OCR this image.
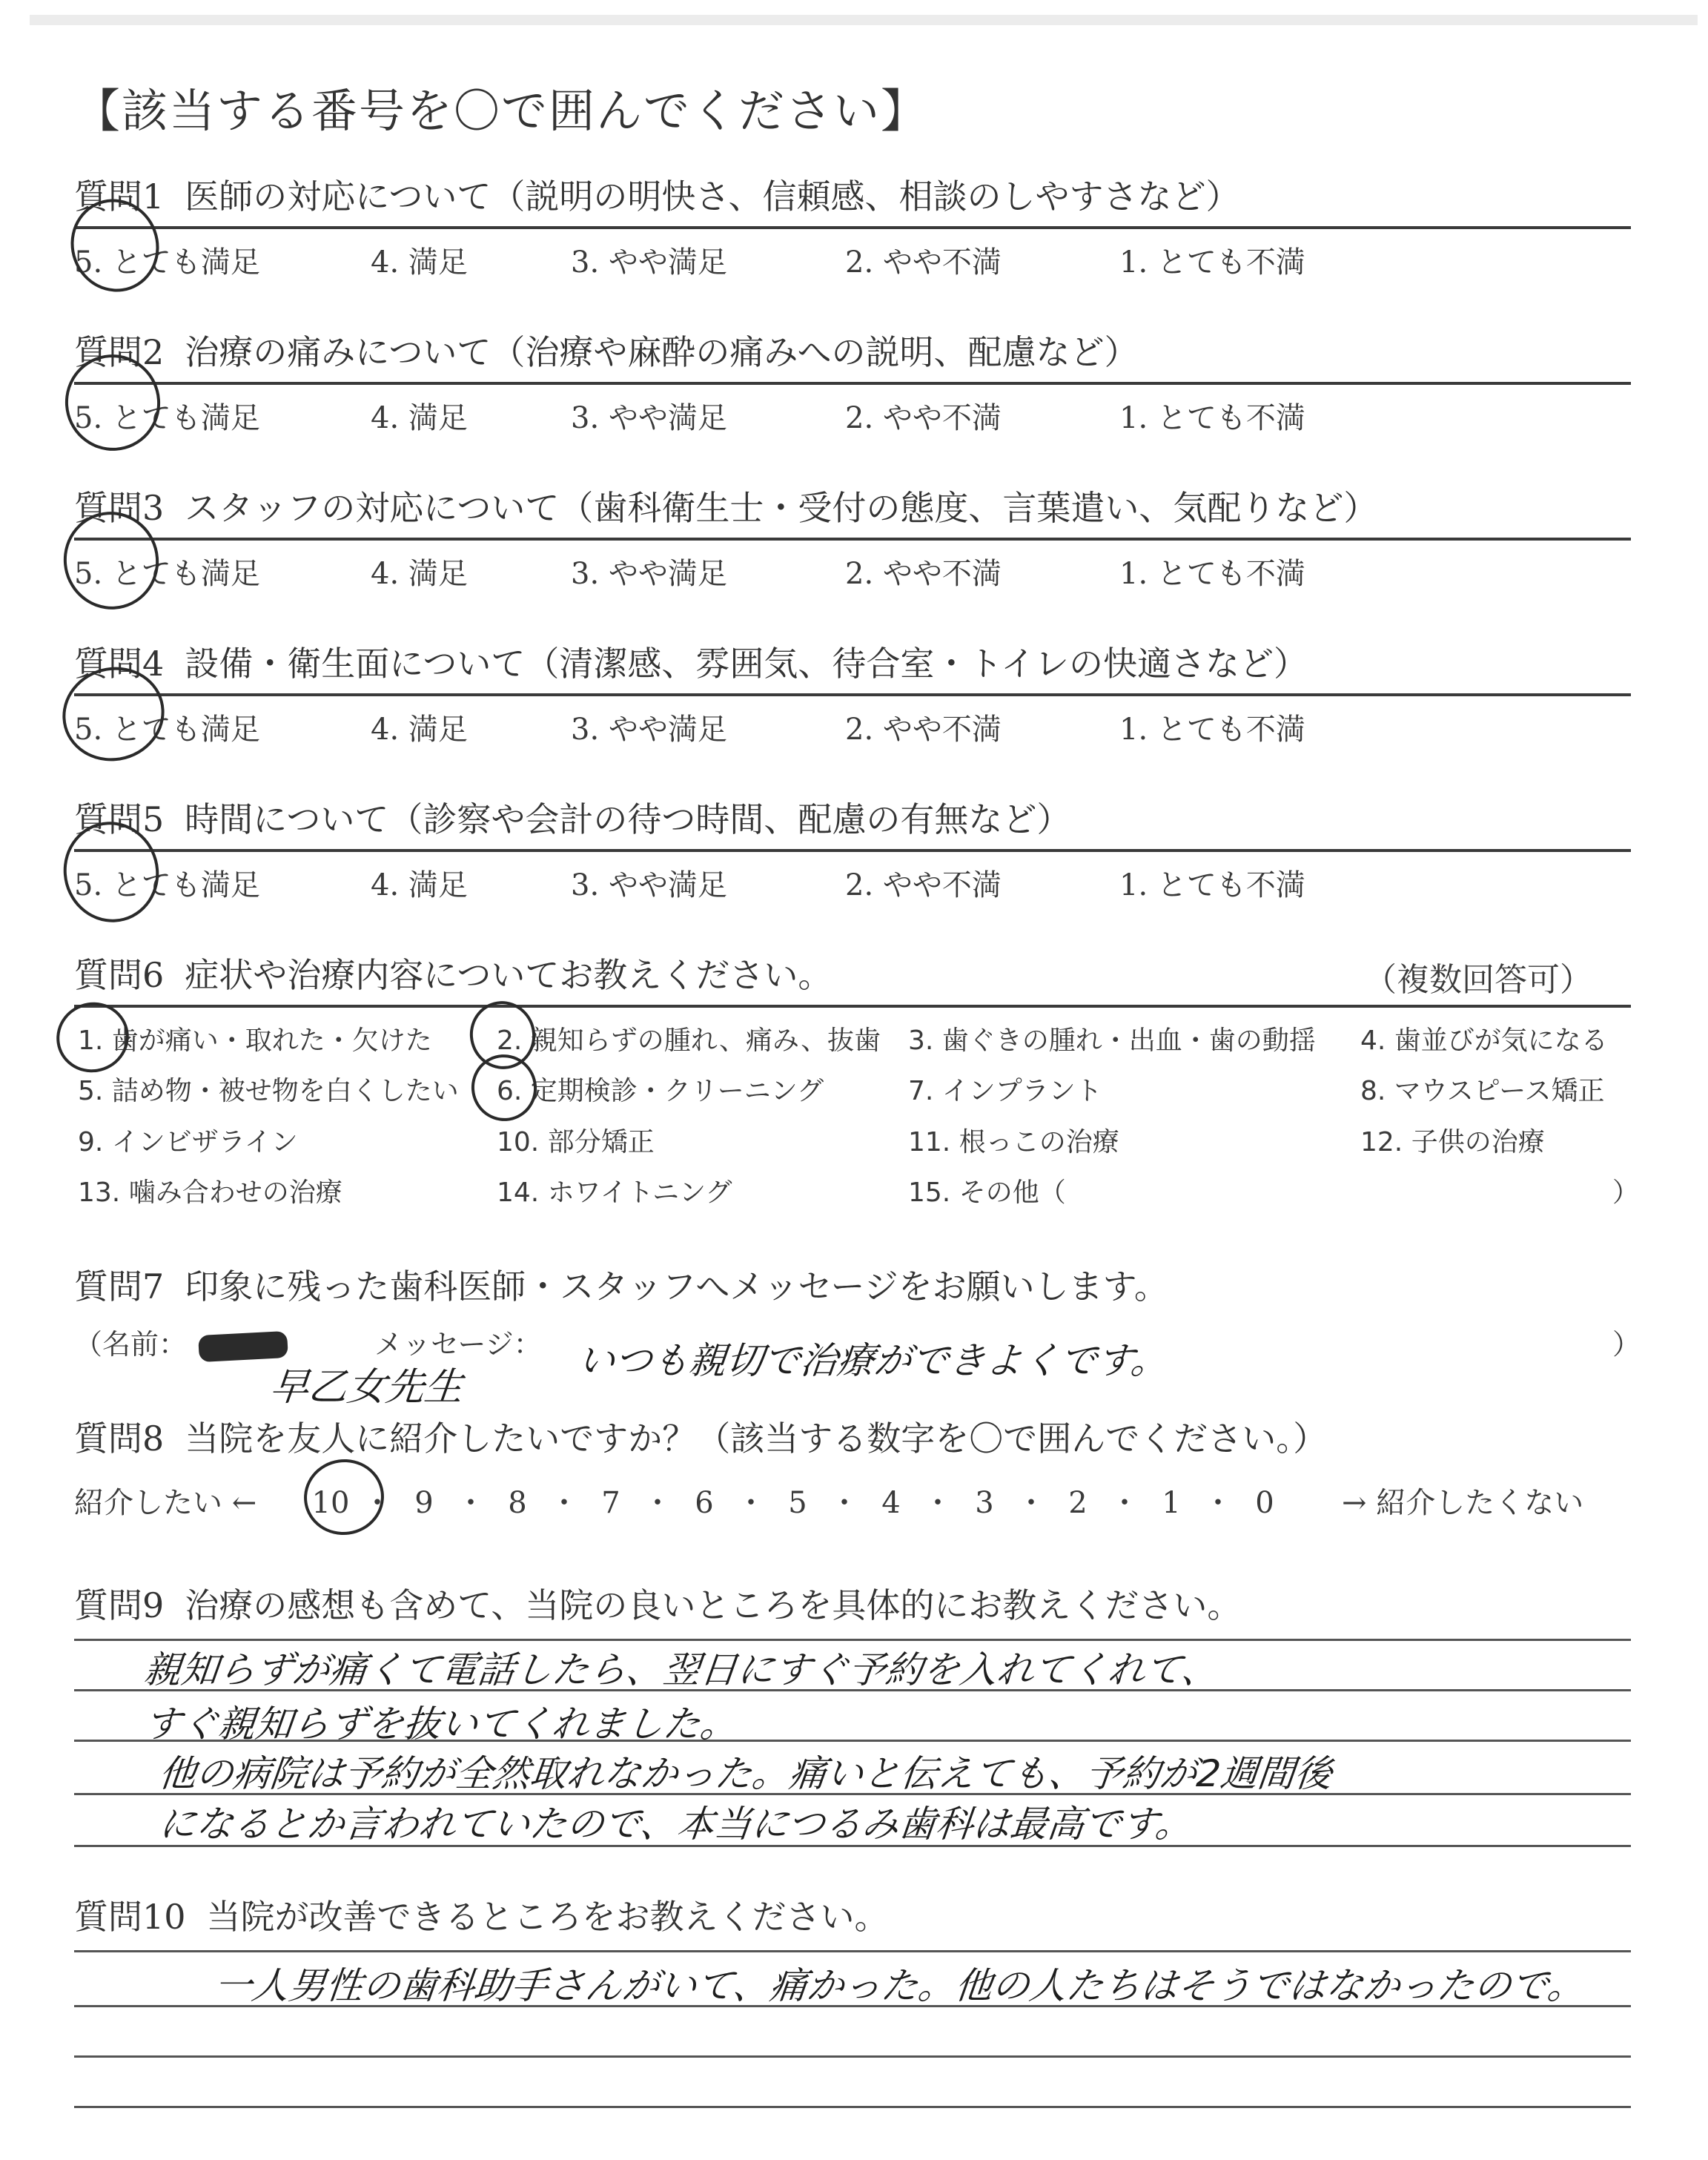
【該当する番号を〇で囲んでください】
質問1 医師の対応について（説明の明快さ、信頼感、相談のしやすさなど）
5. とても満足	4. 満足	3. やや満足	2. やや不満	1. とても不満
質問2 治療の痛みについて（治療や麻酔の痛みへの説明、配慮など）
5. とても満足	4. 満足	3. やや満足	2. やや不満	1. とても不満
質問3 スタッフの対応について（歯科衛生士・受付の態度、言葉遣い、気配りなど）
5. とても満足	4. 満足	3. やや満足	2. やや不満	1. とても不満
質問4 設備・衛生面について（清潔感、雰囲気、待合室・トイレの快適さなど）
5. とても満足	4. 満足	3. やや満足	2. やや不満	1. とても不満
質問5 時間について（診察や会計の待つ時間、配慮の有無など）
5. とても満足	4. 満足	3. やや満足	2. やや不満	1. とても不満
質問6 症状や治療内容についてお教えください。	（複数回答可）
1. 歯が痛い・取れた・欠けた 2. 親知らずの腫れ、痛み、抜歯 3. 歯ぐきの腫れ・出血・歯の動揺 4. 歯並びが気になる
5. 詰め物・被せ物を白くしたい 6. 定期検診・クリーニング	7. インプラント	8. マウスピース矯正
9. インビザライン	10. 部分矯正	11. 根っこの治療	12. 子供の治療
13. 噛み合わせの治療	14. ホワイトニング	15. その他（	）
質問7 印象に残った歯科医師・スタッフへメッセージをお願いします。
（名前：	メッセージ：	）
早乙女先生
いつも親切で治療ができよくです。
質問8 当院を友人に紹介したいですか？（該当する数字を〇で囲んでください。）
紹介したい ←	→ 紹介したくない
10 ・ 9 ・ 8 ・ 7 ・ 6 ・ 5 ・ 4 ・ 3 ・ 2 ・ 1 ・ 0
質問9 治療の感想も含めて、当院の良いところを具体的にお教えください。
親知らずが痛くて電話したら、翌日にすぐ予約を入れてくれて、
すぐ親知らずを抜いてくれました。
他の病院は予約が全然取れなかった。痛いと伝えても、予約が2週間後
になるとか言われていたので、本当につるみ歯科は最高です。
質問10 当院が改善できるところをお教えください。
一人男性の歯科助手さんがいて、痛かった。他の人たちはそうではなかったので。
